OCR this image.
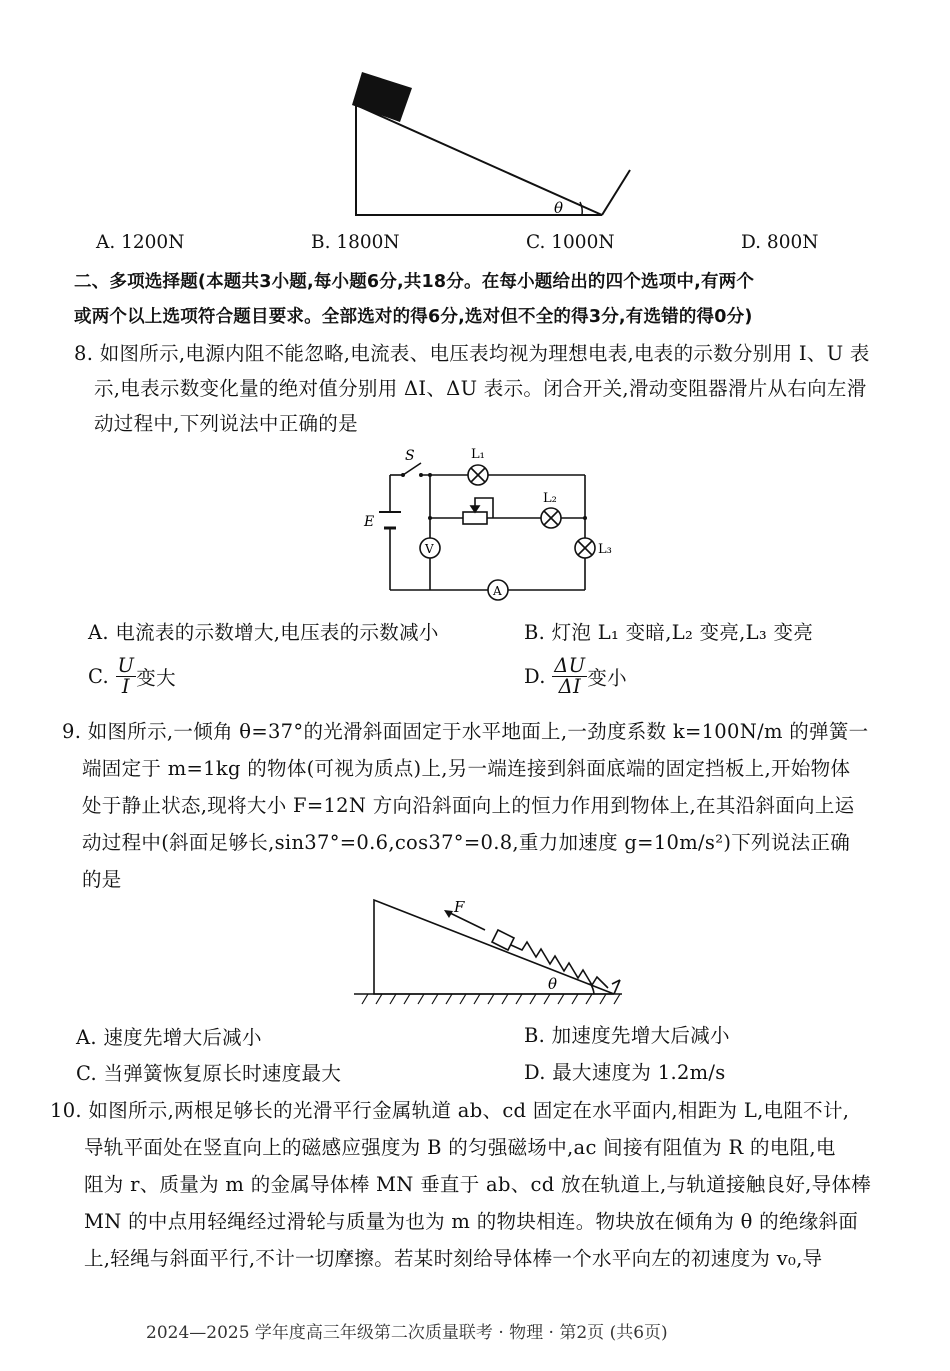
θ
A. 1200N	B. 1800N	C. 1000N	D. 800N
二、多项选择题(本题共3小题,每小题6分,共18分。在每小题给出的四个选项中,有两个
或两个以上选项符合题目要求。全部选对的得6分,选对但不全的得3分,有选错的得0分)
8. 如图所示,电源内阻不能忽略,电流表、电压表均视为理想电表,电表的示数分别用 I、U 表
示,电表示数变化量的绝对值分别用 ΔI、ΔU 表示。闭合开关,滑动变阻器滑片从右向左滑
动过程中,下列说法中正确的是
S
E
L₁
L₂
L₃
V
A
A. 电流表的示数增大,电压表的示数减小	B. 灯泡 L₁ 变暗,L₂ 变亮,L₃ 变亮
C. $\frac{U}{I}$ 变大	D. $\frac{\Delta U}{\Delta I}$ 变小
9. 如图所示,一倾角 θ=37°的光滑斜面固定于水平地面上,一劲度系数 k=100N/m 的弹簧一
端固定于 m=1kg 的物体(可视为质点)上,另一端连接到斜面底端的固定挡板上,开始物体
处于静止状态,现将大小 F=12N 方向沿斜面向上的恒力作用到物体上,在其沿斜面向上运
动过程中(斜面足够长,sin37°=0.6,cos37°=0.8,重力加速度 g=10m/s²)下列说法正确
的是
F
θ
A. 速度先增大后减小	B. 加速度先增大后减小
C. 当弹簧恢复原长时速度最大	D. 最大速度为 1.2m/s
10. 如图所示,两根足够长的光滑平行金属轨道 ab、cd 固定在水平面内,相距为 L,电阻不计,
导轨平面处在竖直向上的磁感应强度为 B 的匀强磁场中,ac 间接有阻值为 R 的电阻,电
阻为 r、质量为 m 的金属导体棒 MN 垂直于 ab、cd 放在轨道上,与轨道接触良好,导体棒
MN 的中点用轻绳经过滑轮与质量为也为 m 的物块相连。物块放在倾角为 θ 的绝缘斜面
上,轻绳与斜面平行,不计一切摩擦。若某时刻给导体棒一个水平向左的初速度为 v₀,导
2024—2025 学年度高三年级第二次质量联考 · 物理 · 第2页 (共6页)
